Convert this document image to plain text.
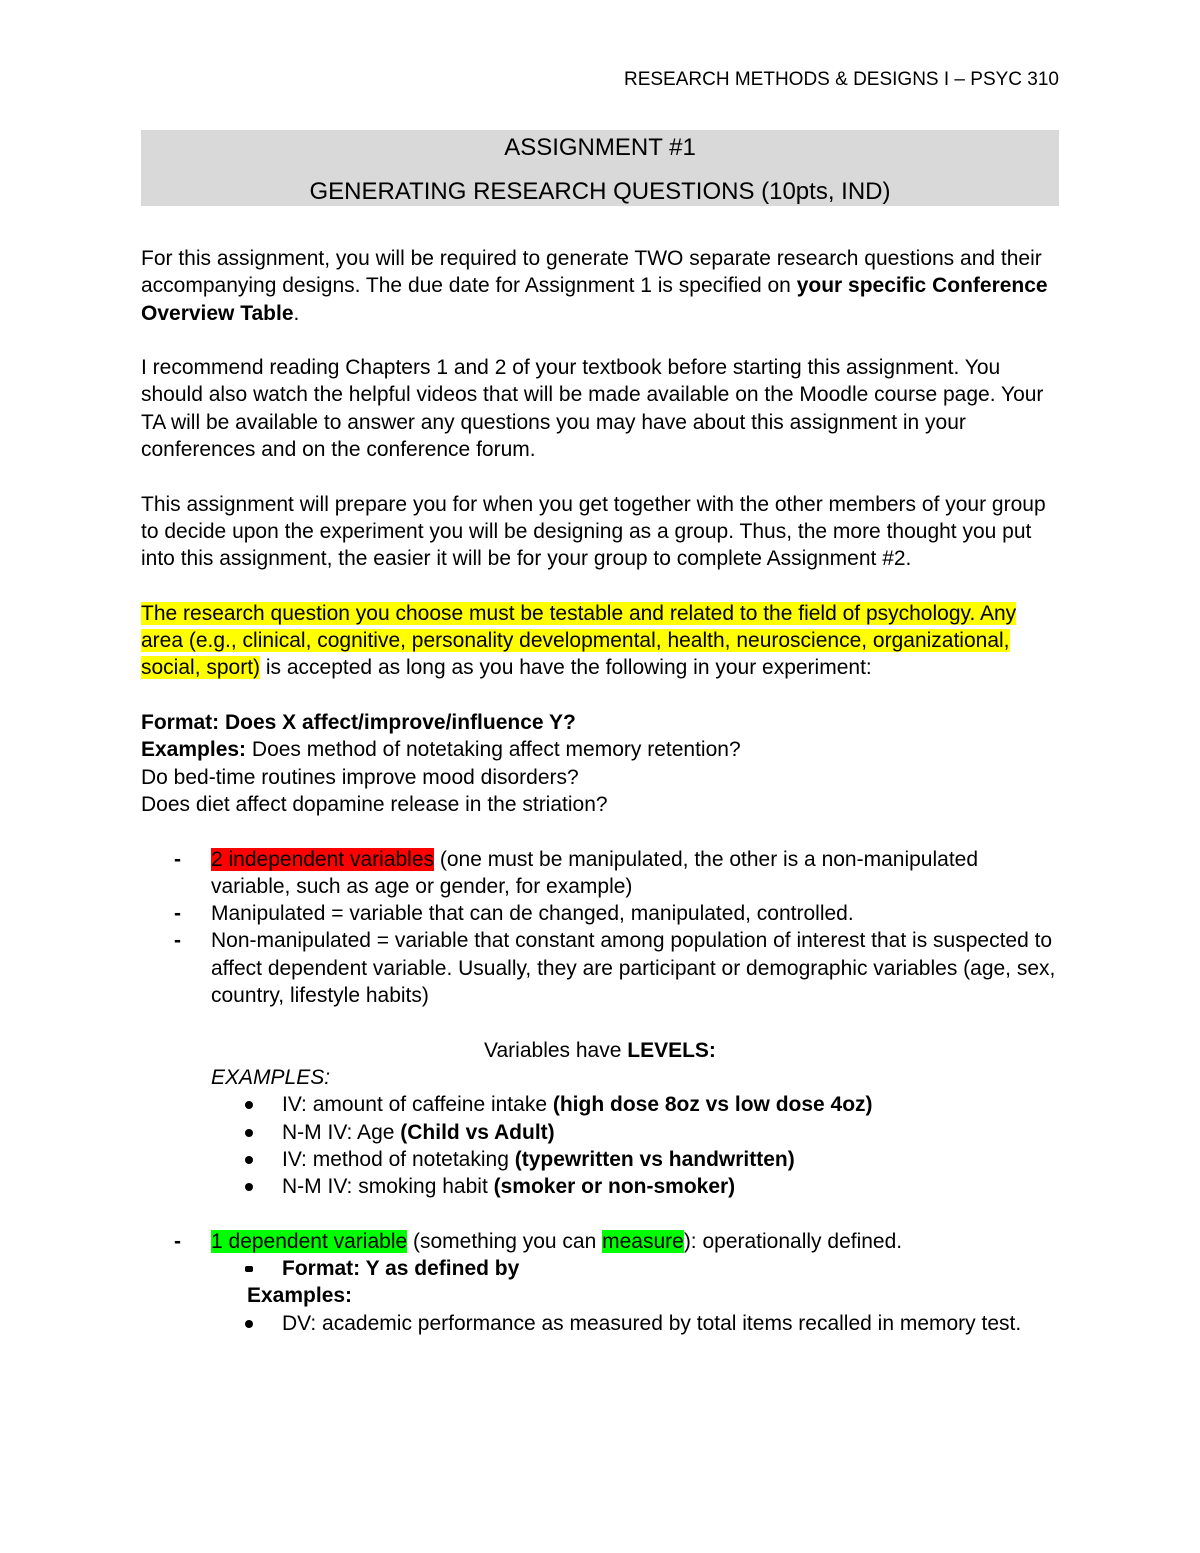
RESEARCH METHODS & DESIGNS I – PSYC 310
ASSIGNMENT #1
GENERATING RESEARCH QUESTIONS (10pts, IND)

For this assignment, you will be required to generate TWO separate research questions and their accompanying designs. The due date for Assignment 1 is specified on your specific Conference Overview Table.

I recommend reading Chapters 1 and 2 of your textbook before starting this assignment. You should also watch the helpful videos that will be made available on the Moodle course page. Your TA will be available to answer any questions you may have about this assignment in your conferences and on the conference forum.

This assignment will prepare you for when you get together with the other members of your group to decide upon the experiment you will be designing as a group. Thus, the more thought you put into this assignment, the easier it will be for your group to complete Assignment #2.

The research question you choose must be testable and related to the field of psychology. Any area (e.g., clinical, cognitive, personality developmental, health, neuroscience, organizational, social, sport) is accepted as long as you have the following in your experiment:

Format: Does X affect/improve/influence Y?

Examples: Does method of notetaking affect memory retention?

Do bed-time routines improve mood disorders?

Does diet affect dopamine release in the striation?

- 2 independent variables (one must be manipulated, the other is a non-manipulated variable, such as age or gender, for example)
- Manipulated = variable that can de changed, manipulated, controlled.
- Non-manipulated = variable that constant among population of interest that is suspected to affect dependent variable. Usually, they are participant or demographic variables (age, sex, country, lifestyle habits)

Variables have LEVELS:

EXAMPLES:

IV: amount of caffeine intake (high dose 8oz vs low dose 4oz)
N-M IV: Age (Child vs Adult)
IV: method of notetaking (typewritten vs handwritten)
N-M IV: smoking habit (smoker or non-smoker)
- 1 dependent variable (something you can measure): operationally defined.
Format: Y as defined by

Examples:

DV: academic performance as measured by total items recalled in memory test.
